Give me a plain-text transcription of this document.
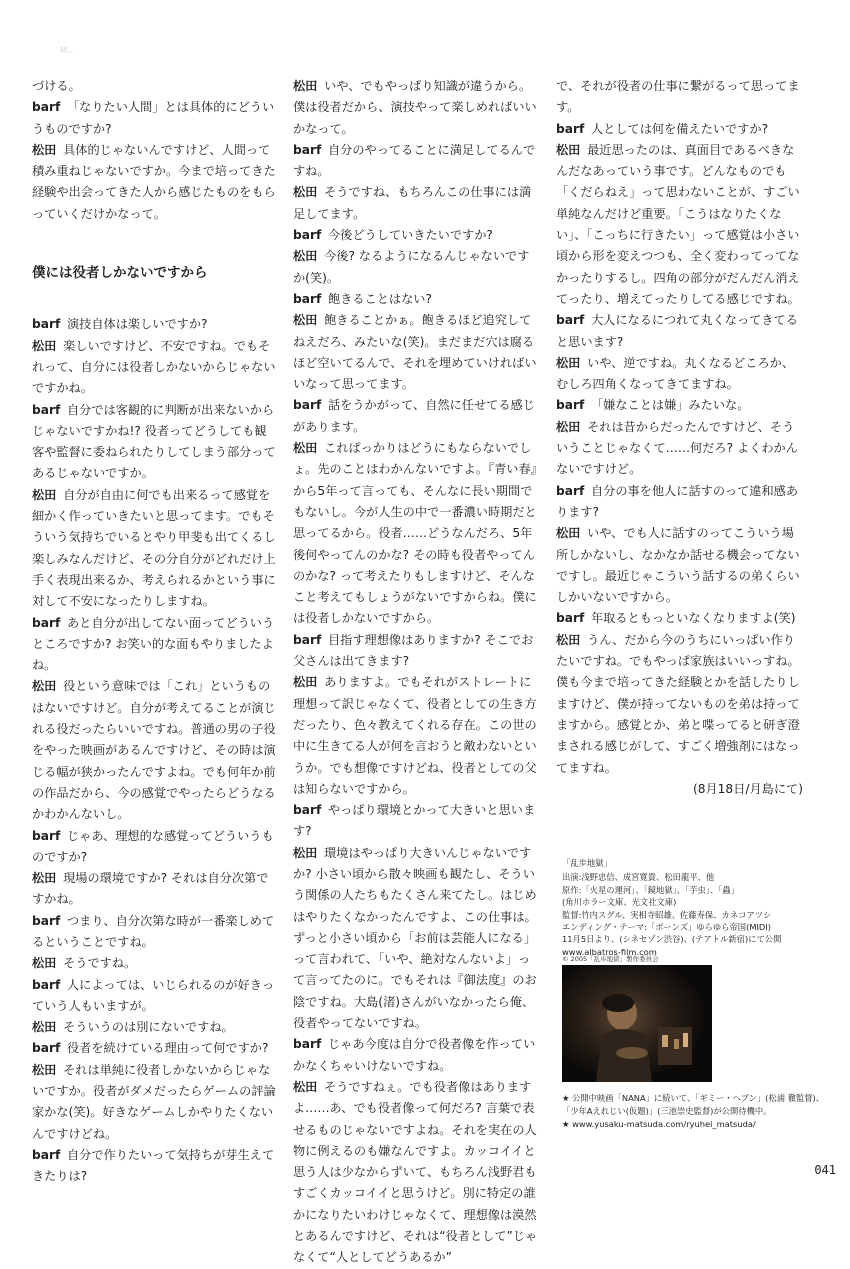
M…

づける。

barf 「なりたい人間」とは具体的にどういうものですか?

松田 具体的じゃないんですけど、人間って積み重ねじゃないですか。今まで培ってきた経験や出会ってきた人から感じたものをもらっていくだけかなって。

僕には役者しかないですから

barf 演技自体は楽しいですか?

松田 楽しいですけど、不安ですね。でもそれって、自分には役者しかないからじゃないですかね。

barf 自分では客観的に判断が出来ないからじゃないですかね!? 役者ってどうしても観客や監督に委ねられたりしてしまう部分ってあるじゃないですか。

松田 自分が自由に何でも出来るって感覚を細かく作っていきたいと思ってます。でもそういう気持ちでいるとやり甲斐も出てくるし楽しみなんだけど、その分自分がどれだけ上手く表現出来るか、考えられるかという事に対して不安になったりしますね。

barf あと自分が出してない面ってどういうところですか? お笑い的な面もやりましたよね。

松田 役という意味では「これ」というものはないですけど。自分が考えてることが演じれる役だったらいいですね。普通の男の子役をやった映画があるんですけど、その時は演じる幅が狭かったんですよね。でも何年か前の作品だから、今の感覚でやったらどうなるかわかんないし。

barf じゃあ、理想的な感覚ってどういうものですか?

松田 現場の環境ですか? それは自分次第ですかね。

barf つまり、自分次第な時が一番楽しめてるということですね。

松田 そうですね。

barf 人によっては、いじられるのが好きっていう人もいますが。

松田 そういうのは別にないですね。

barf 役者を続けている理由って何ですか?

松田 それは単純に役者しかないからじゃないですか。役者がダメだったらゲームの評論家かな(笑)。好きなゲームしかやりたくないんですけどね。

barf 自分で作りたいって気持ちが芽生えてきたりは?

松田 いや、でもやっぱり知識が違うから。僕は役者だから、演技やって楽しめればいいかなって。

barf 自分のやってることに満足してるんですね。

松田 そうですね、もちろんこの仕事には満足してます。

barf 今後どうしていきたいですか?

松田 今後? なるようになるんじゃないですか(笑)。

barf 飽きることはない?

松田 飽きることかぁ。飽きるほど追究してねえだろ、みたいな(笑)。まだまだ穴は腐るほど空いてるんで、それを埋めていければいいなって思ってます。

barf 話をうかがって、自然に任せてる感じがあります。

松田 これぱっかりはどうにもならないでしょ。先のことはわかんないですよ。『青い春』から5年って言っても、そんなに長い期間でもないし。今が人生の中で一番濃い時期だと思ってるから。役者……どうなんだろ、5年後何やってんのかな? その時も役者やってんのかな? って考えたりもしますけど、そんなこと考えてもしょうがないですからね。僕には役者しかないですから。

barf 目指す理想像はありますか? そこでお父さんは出てきます?

松田 ありますよ。でもそれがストレートに理想って訳じゃなくて、役者としての生き方だったり、色々教えてくれる存在。この世の中に生きてる人が何を言おうと敵わないというか。でも想像ですけどね、役者としての父は知らないですから。

barf やっぱり環境とかって大きいと思います?

松田 環境はやっぱり大きいんじゃないですか? 小さい頃から散々映画も観たし、そういう関係の人たちもたくさん来てたし。はじめはやりたくなかったんですよ、この仕事は。ずっと小さい頃から「お前は芸能人になる」って言われて、「いや、絶対なんないよ」って言ってたのに。でもそれは『御法度』のお陰ですね。大島(渚)さんがいなかったら俺、役者やってないですね。

barf じゃあ今度は自分で役者像を作っていかなくちゃいけないですね。

松田 そうですねぇ。でも役者像はありますよ……あ、でも役者像って何だろ? 言葉で表せるものじゃないですよね。それを実在の人物に例えるのも嫌なんですよ。カッコイイと思う人は少なからずいて、もちろん浅野君もすごくカッコイイと思うけど。別に特定の誰かになりたいわけじゃなくて、理想像は漠然とあるんですけど、それは“役者として”じゃなくて“人としてどうあるか”

で、それが役者の仕事に繋がるって思ってます。

barf 人としては何を備えたいですか?

松田 最近思ったのは、真面目であるべきなんだなあっていう事です。どんなものでも「くだらねえ」って思わないことが、すごい単純なんだけど重要。「こうはなりたくない」、「こっちに行きたい」って感覚は小さい頃から形を変えつつも、全く変わってってなかったりするし。四角の部分がだんだん消えてったり、増えてったりしてる感じですね。

barf 大人になるにつれて丸くなってきてると思います?

松田 いや、逆ですね。丸くなるどころか、むしろ四角くなってきてますね。

barf 「嫌なことは嫌」みたいな。

松田 それは昔からだったんですけど、そういうことじゃなくて……何だろ? よくわかんないですけど。

barf 自分の事を他人に話すのって違和感あります?

松田 いや、でも人に話すのってこういう場所しかないし、なかなか話せる機会ってないですし。最近じゃこういう話するの弟くらいしかいないですから。

barf 年取るともっといなくなりますよ(笑)

松田 うん、だから今のうちにいっぱい作りたいですね。でもやっぱ家族はいいっすね。僕も今まで培ってきた経験とかを話したりしますけど、僕が持ってないものを弟は持ってますから。感覚とか、弟と喋ってると研ぎ澄まされる感じがして、すごく増強剤にはなってますね。

(8月18日/月島にて)

「乱歩地獄」

出演:浅野忠信、成宮寛貴、松田龍平、他

原作:「火星の運河」、「鏡地獄」、「芋虫」、「蟲」

(角川ホラー文庫、光文社文庫)

監督:竹内スグル、実相寺昭雄、佐藤寿保、カネコアツシ

エンディング・テーマ:「ボーンズ」ゆらゆら帝国(MIDI)

11月5日より、(シネセゾン渋谷)、(テアトル新宿)にて公開

www.albatros-film.com

© 2005「乱歩地獄」製作委員会

★ 公開中映画「NANA」に続いて、「ギミー・ヘブン」(松浦 徹監督)、「少年Aえれじい(仮題)」(三池崇史監督)が公開待機中。

★ www.yusaku-matsuda.com/ryuhei_matsuda/

041
